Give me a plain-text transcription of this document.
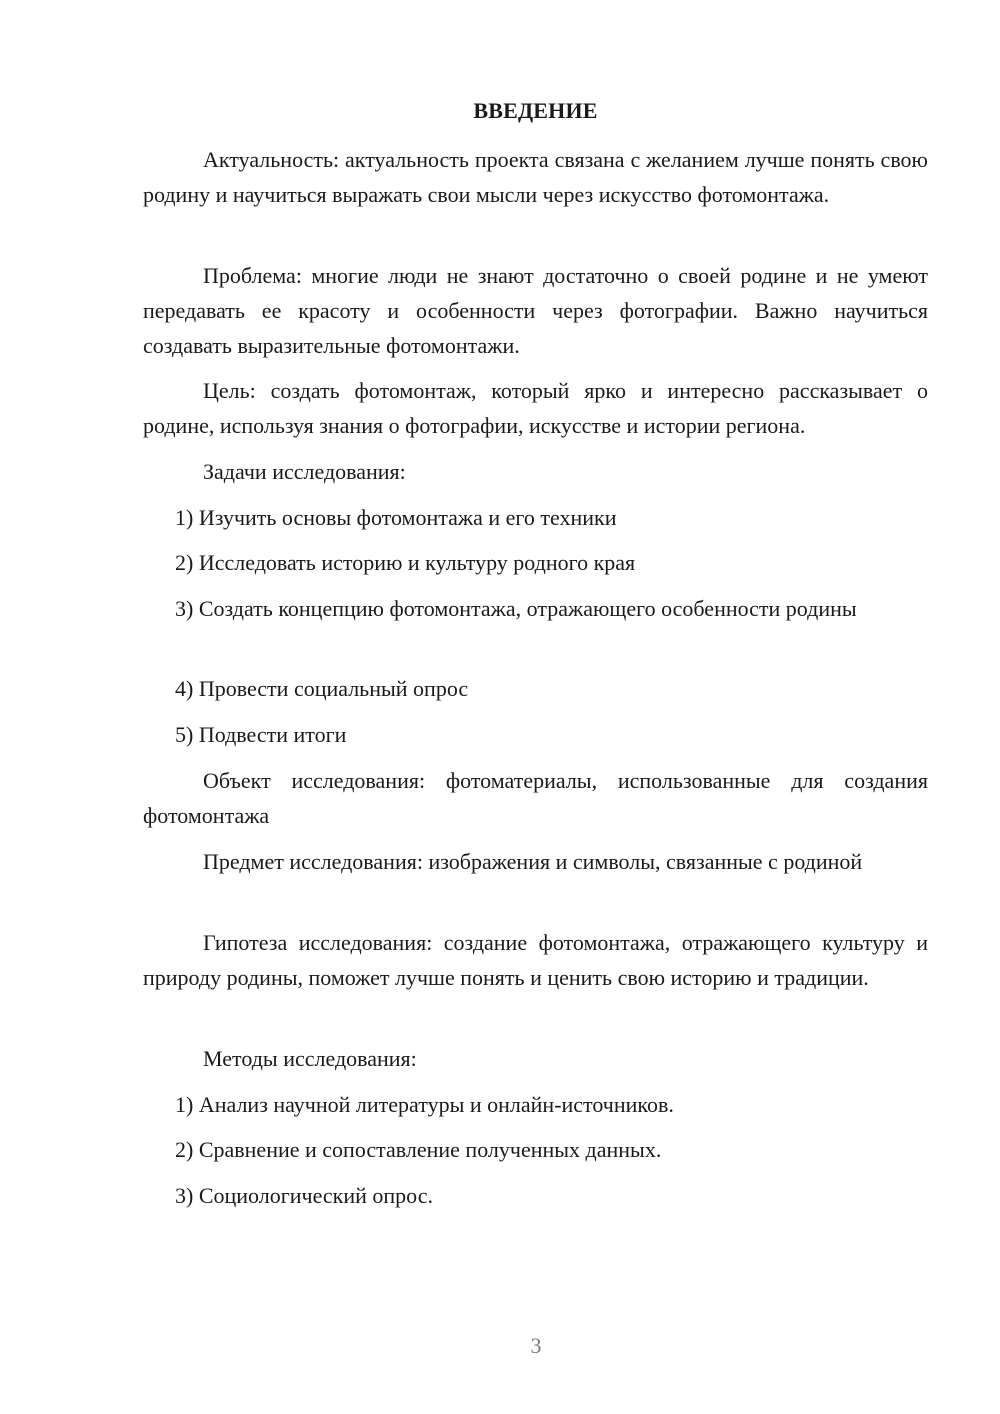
ВВЕДЕНИЕ

Актуальность: актуальность проекта связана с желанием лучше понять свою родину и научиться выражать свои мысли через искусство фотомонтажа.

Проблема: многие люди не знают достаточно о своей родине и не умеют передавать ее красоту и особенности через фотографии. Важно научиться создавать выразительные фотомонтажи.

Цель: создать фотомонтаж, который ярко и интересно рассказывает о родине, используя знания о фотографии, искусстве и истории региона.

Задачи исследования:

1) Изучить основы фотомонтажа и его техники

2) Исследовать историю и культуру родного края

3) Создать концепцию фотомонтажа, отражающего особенности родины

4) Провести социальный опрос

5) Подвести итоги

Объект исследования: фотоматериалы, использованные для создания фотомонтажа

Предмет исследования: изображения и символы, связанные с родиной

Гипотеза исследования: создание фотомонтажа, отражающего культуру и природу родины, поможет лучше понять и ценить свою историю и традиции.

Методы исследования:

1) Анализ научной литературы и онлайн-источников.

2) Сравнение и сопоставление полученных данных.

3) Социологический опрос.

3
